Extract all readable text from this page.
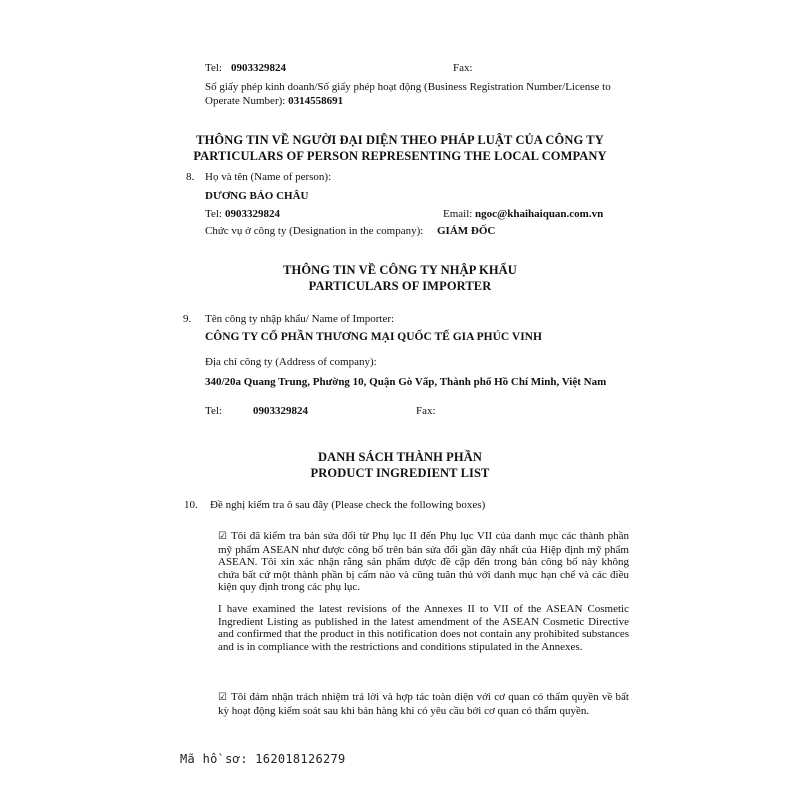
Tel: 0903329824	Fax:
Số giấy phép kinh doanh/Số giấy phép hoạt động (Business Registration Number/License to Operate Number): 0314558691
THÔNG TIN VỀ NGƯỜI ĐẠI DIỆN THEO PHÁP LUẬT CỦA CÔNG TY
PARTICULARS OF PERSON REPRESENTING THE LOCAL COMPANY
8. Họ và tên (Name of person):
DƯƠNG BẢO CHÂU
Tel: 0903329824	Email: ngoc@khaihaiquan.com.vn
Chức vụ ở công ty (Designation in the company): GIÁM ĐỐC
THÔNG TIN VỀ CÔNG TY NHẬP KHẨU
PARTICULARS OF IMPORTER
9. Tên công ty nhập khẩu/ Name of Importer:
CÔNG TY CỔ PHẦN THƯƠNG MẠI QUỐC TẾ GIA PHÚC VINH
Địa chỉ công ty (Address of company):
340/20a Quang Trung, Phường 10, Quận Gò Vấp, Thành phố Hồ Chí Minh, Việt Nam
Tel:	0903329824	Fax:
DANH SÁCH THÀNH PHẦN
PRODUCT INGREDIENT LIST
10. Đề nghị kiểm tra ô sau đây (Please check the following boxes)
☑ Tôi đã kiểm tra bản sửa đổi từ Phụ lục II đến Phụ lục VII của danh mục các thành phần mỹ phẩm ASEAN như được công bố trên bản sửa đổi gần đây nhất của Hiệp định mỹ phẩm ASEAN. Tôi xin xác nhận rằng sản phẩm được đề cập đến trong bản công bố này không chứa bất cứ một thành phần bị cấm nào và cũng tuân thủ với danh mục hạn chế và các điều kiện quy định trong các phụ lục.
I have examined the latest revisions of the Annexes II to VII of the ASEAN Cosmetic Ingredient Listing as published in the latest amendment of the ASEAN Cosmetic Directive and confirmed that the product in this notification does not contain any prohibited substances and is in compliance with the restrictions and conditions stipulated in the Annexes.
☑ Tôi đảm nhận trách nhiệm trả lời và hợp tác toàn diện với cơ quan có thẩm quyền về bất kỳ hoạt động kiểm soát sau khi bán hàng khi có yêu cầu bởi cơ quan có thẩm quyền.
Mã hồ sơ: 162018126279
